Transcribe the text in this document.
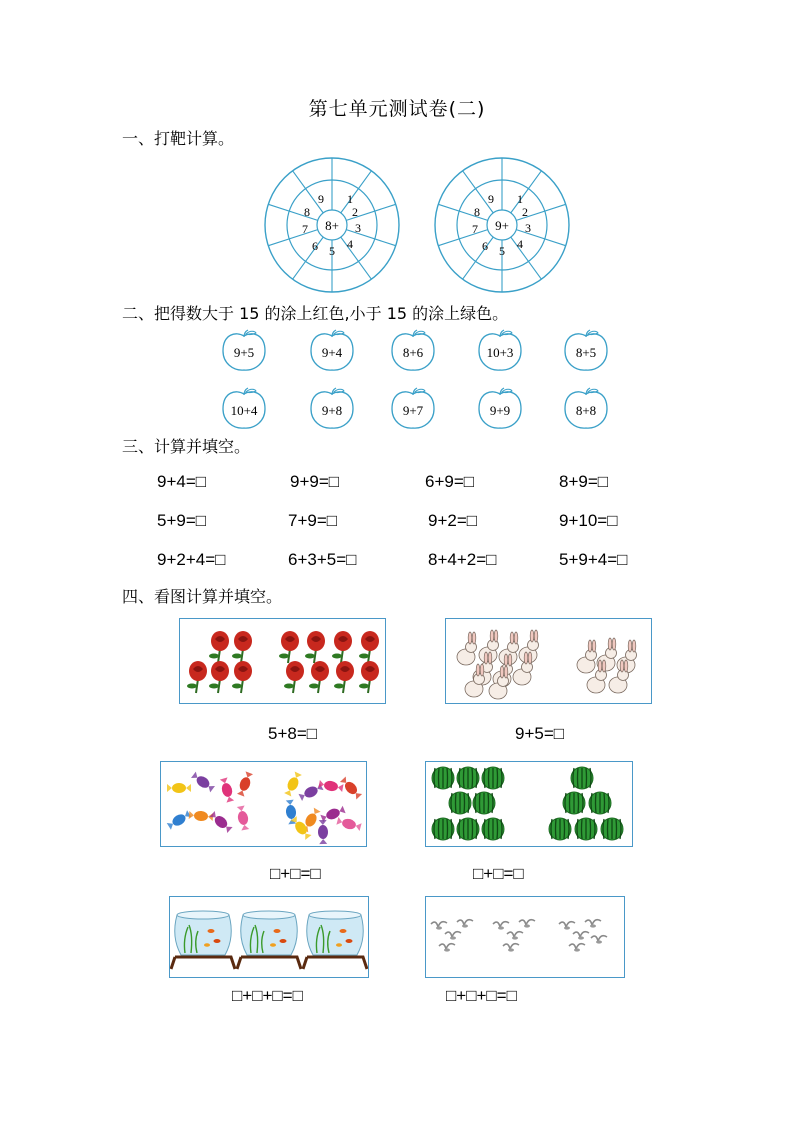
第七单元测试卷(二)
一、打靶计算。
8+
1
2
3
4
5
6
7
8
9
9+
1
2
3
4
5
6
7
8
9
二、把得数大于 15 的涂上红色,小于 15 的涂上绿色。
9+5	9+4	8+6	10+3	8+5
10+4	9+8	9+7	9+9	8+8
三、计算并填空。
9+4=□	9+9=□	6+9=□	8+9=□
5+9=□	7+9=□	9+2=□	9+10=□
9+2+4=□	6+3+5=□	8+4+2=□	5+9+4=□
四、看图计算并填空。
5+8=□	9+5=□
□+□=□	□+□=□
□+□+□=□	□+□+□=□
